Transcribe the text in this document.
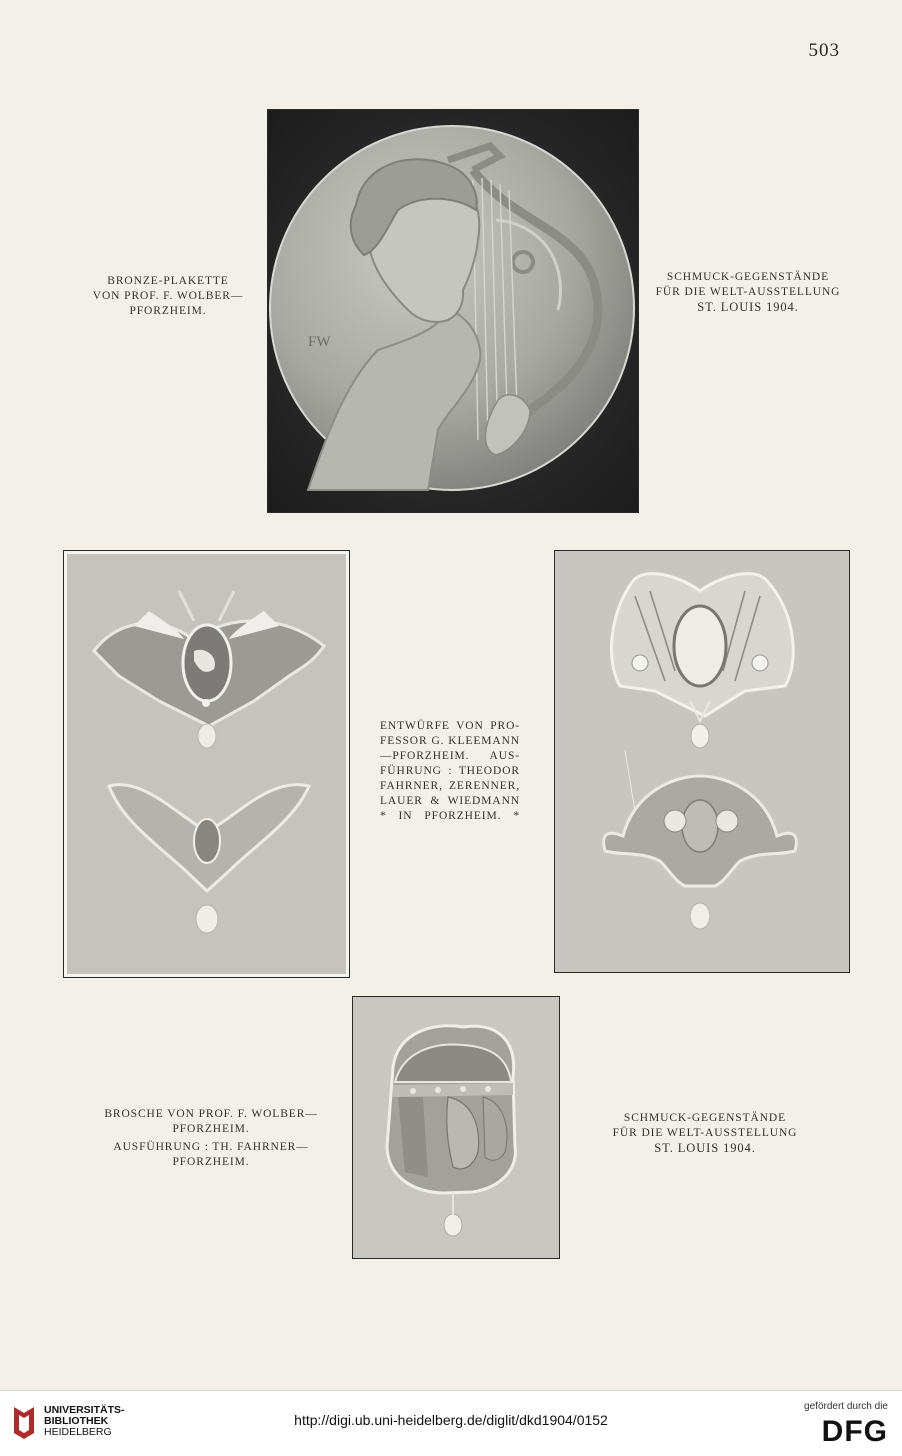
503
BRONZE-PLAKETTE
VON PROF. F. WOLBER—
PFORZHEIM.
FW
SCHMUCK-GEGENSTÄNDE
FÜR DIE WELT-AUSSTELLUNG
ST. LOUIS 1904.
ENTWÜRFE VON PRO-
FESSOR G. KLEEMANN
—PFORZHEIM. AUS-
FÜHRUNG : THEODOR
FAHRNER, ZERENNER,
LAUER & WIEDMANN
* IN PFORZHEIM. *
BROSCHE VON PROF. F. WOLBER—
PFORZHEIM.
AUSFÜHRUNG : TH. FAHRNER—
PFORZHEIM.
SCHMUCK-GEGENSTÄNDE
FÜR DIE WELT-AUSSTELLUNG
ST. LOUIS 1904.
UNIVERSITÄTS-
BIBLIOTHEK
HEIDELBERG
http://digi.ub.uni-heidelberg.de/diglit/dkd1904/0152
gefördert durch die
DFG
